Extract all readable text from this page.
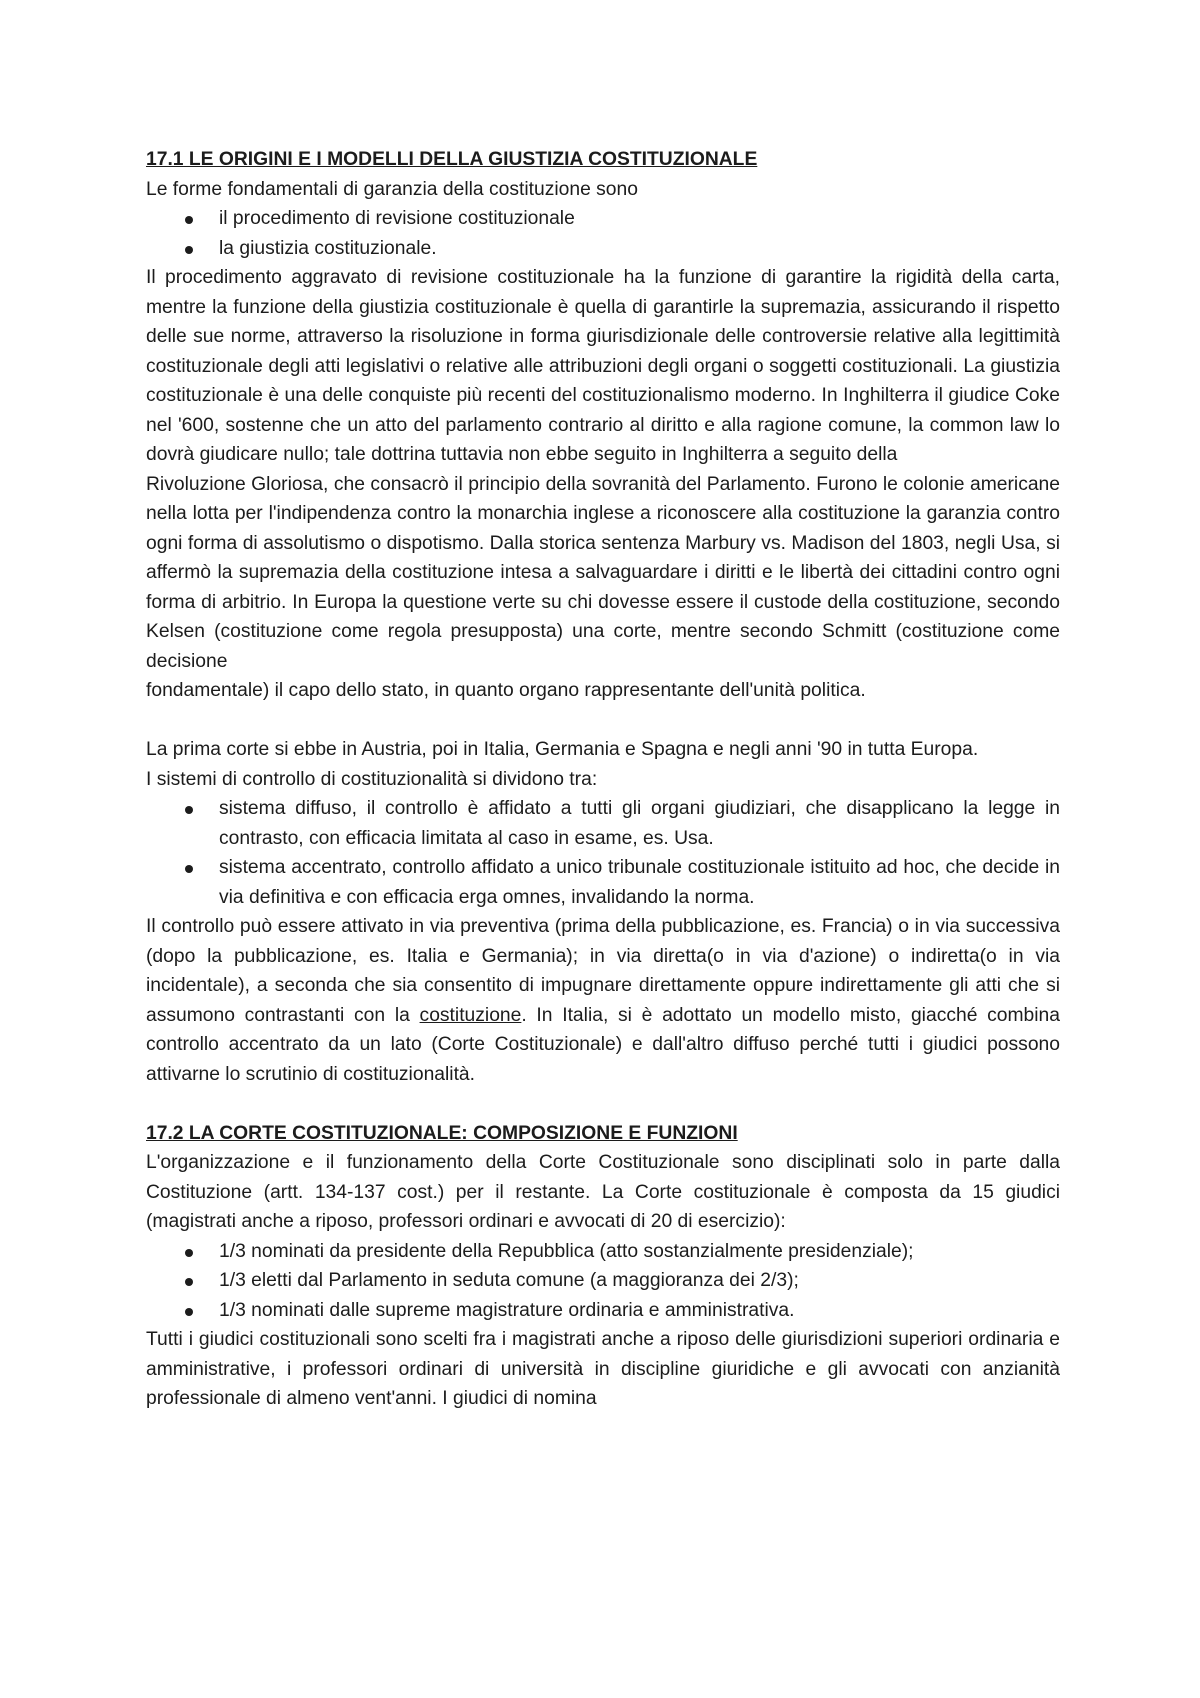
17.1 LE ORIGINI E I MODELLI DELLA GIUSTIZIA COSTITUZIONALE

Le forme fondamentali di garanzia della costituzione sono

il procedimento di revisione costituzionale
la giustizia costituzionale.

Il procedimento aggravato di revisione costituzionale ha la funzione di garantire la rigidità della carta, mentre la funzione della giustizia costituzionale è quella di garantirle la supremazia, assicurando il rispetto delle sue norme, attraverso la risoluzione in forma giurisdizionale delle controversie relative alla legittimità costituzionale degli atti legislativi o relative alle attribuzioni degli organi o soggetti costituzionali. La giustizia costituzionale è una delle conquiste più recenti del costituzionalismo moderno. In Inghilterra il giudice Coke nel '600, sostenne che un atto del parlamento contrario al diritto e alla ragione comune, la common law lo dovrà giudicare nullo; tale dottrina tuttavia non ebbe seguito in Inghilterra a seguito della

Rivoluzione Gloriosa, che consacrò il principio della sovranità del Parlamento. Furono le colonie americane nella lotta per l'indipendenza contro la monarchia inglese a riconoscere alla costituzione la garanzia contro ogni forma di assolutismo o dispotismo. Dalla storica sentenza Marbury vs. Madison del 1803, negli Usa, si affermò la supremazia della costituzione intesa a salvaguardare i diritti e le libertà dei cittadini contro ogni forma di arbitrio. In Europa la questione verte su chi dovesse essere il custode della costituzione, secondo Kelsen (costituzione come regola presupposta) una corte, mentre secondo Schmitt (costituzione come decisione

fondamentale) il capo dello stato, in quanto organo rappresentante dell'unità politica.

La prima corte si ebbe in Austria, poi in Italia, Germania e Spagna e negli anni '90 in tutta Europa.

I sistemi di controllo di costituzionalità si dividono tra:

sistema diffuso, il controllo è affidato a tutti gli organi giudiziari, che disapplicano la legge in contrasto, con efficacia limitata al caso in esame, es. Usa.
sistema accentrato, controllo affidato a unico tribunale costituzionale istituito ad hoc, che decide in via definitiva e con efficacia erga omnes, invalidando la norma.

Il controllo può essere attivato in via preventiva (prima della pubblicazione, es. Francia) o in via successiva (dopo la pubblicazione, es. Italia e Germania); in via diretta(o in via d'azione) o indiretta(o in via incidentale), a seconda che sia consentito di impugnare direttamente oppure indirettamente gli atti che si assumono contrastanti con la costituzione. In Italia, si è adottato un modello misto, giacché combina controllo accentrato da un lato (Corte Costituzionale) e dall'altro diffuso perché tutti i giudici possono attivarne lo scrutinio di costituzionalità.

17.2 LA CORTE COSTITUZIONALE: COMPOSIZIONE E FUNZIONI

L'organizzazione e il funzionamento della Corte Costituzionale sono disciplinati solo in parte dalla Costituzione (artt. 134-137 cost.) per il restante. La Corte costituzionale è composta da 15 giudici (magistrati anche a riposo, professori ordinari e avvocati di 20 di esercizio):

1/3 nominati da presidente della Repubblica (atto sostanzialmente presidenziale);
1/3 eletti dal Parlamento in seduta comune (a maggioranza dei 2/3);
1/3 nominati dalle supreme magistrature ordinaria e amministrativa.

Tutti i giudici costituzionali sono scelti fra i magistrati anche a riposo delle giurisdizioni superiori ordinaria e amministrative, i professori ordinari di università in discipline giuridiche e gli avvocati con anzianità professionale di almeno vent'anni. I giudici di nomina
